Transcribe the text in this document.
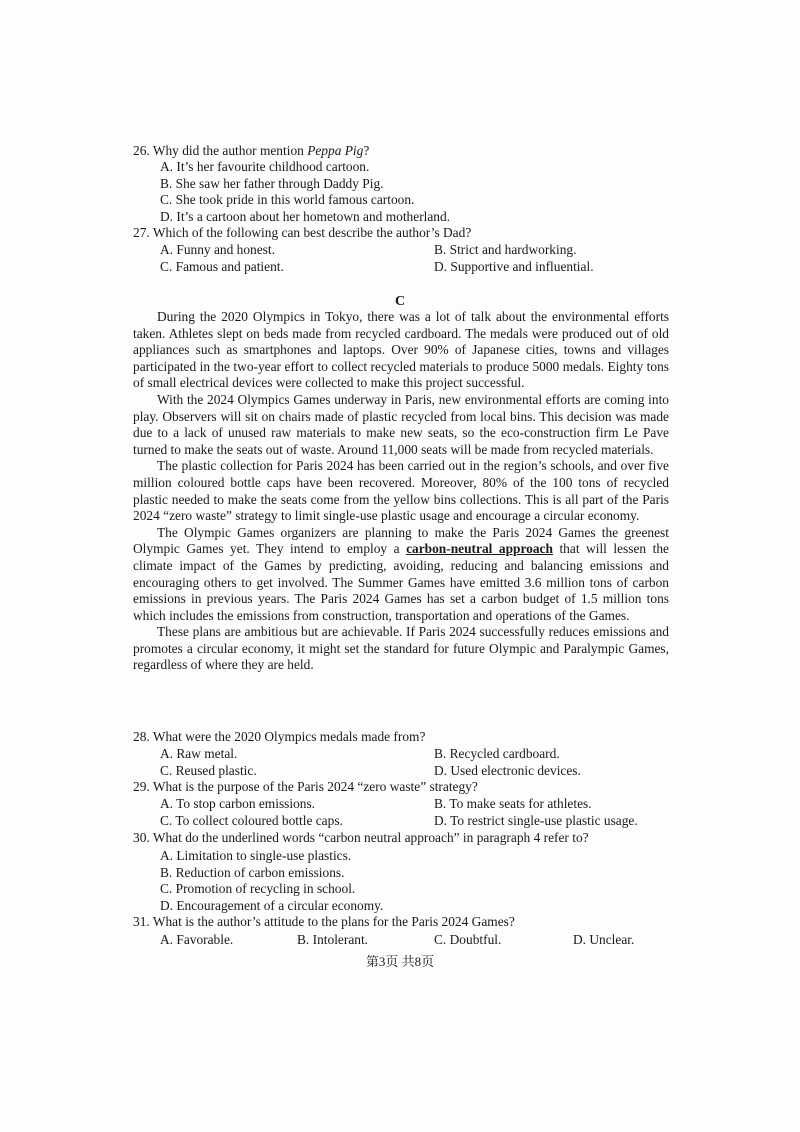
26. Why did the author mention Peppa Pig?
A. It’s her favourite childhood cartoon.
B. She saw her father through Daddy Pig.
C. She took pride in this world famous cartoon.
D. It’s a cartoon about her hometown and motherland.
27. Which of the following can best describe the author’s Dad?
A. Funny and honest.	B. Strict and hardworking.
C. Famous and patient.	D. Supportive and influential.
C

During the 2020 Olympics in Tokyo, there was a lot of talk about the environmental efforts taken. Athletes slept on beds made from recycled cardboard. The medals were produced out of old appliances such as smartphones and laptops. Over 90% of Japanese cities, towns and villages participated in the two-year effort to collect recycled materials to produce 5000 medals. Eighty tons of small electrical devices were collected to make this project successful.

With the 2024 Olympics Games underway in Paris, new environmental efforts are coming into play. Observers will sit on chairs made of plastic recycled from local bins. This decision was made due to a lack of unused raw materials to make new seats, so the eco-construction firm Le Pave turned to make the seats out of waste. Around 11,000 seats will be made from recycled materials.

The plastic collection for Paris 2024 has been carried out in the region’s schools, and over five million coloured bottle caps have been recovered. Moreover, 80% of the 100 tons of recycled plastic needed to make the seats come from the yellow bins collections. This is all part of the Paris 2024 “zero waste” strategy to limit single-use plastic usage and encourage a circular economy.

The Olympic Games organizers are planning to make the Paris 2024 Games the greenest Olympic Games yet. They intend to employ a carbon-neutral approach that will lessen the climate impact of the Games by predicting, avoiding, reducing and balancing emissions and encouraging others to get involved. The Summer Games have emitted 3.6 million tons of carbon emissions in previous years. The Paris 2024 Games has set a carbon budget of 1.5 million tons which includes the emissions from construction, transportation and operations of the Games.

These plans are ambitious but are achievable. If Paris 2024 successfully reduces emissions and promotes a circular economy, it might set the standard for future Olympic and Paralympic Games, regardless of where they are held.

28. What were the 2020 Olympics medals made from?
A. Raw metal.	B. Recycled cardboard.
C. Reused plastic.	D. Used electronic devices.
29. What is the purpose of the Paris 2024 “zero waste” strategy?
A. To stop carbon emissions.	B. To make seats for athletes.
C. To collect coloured bottle caps.	D. To restrict single-use plastic usage.
30. What do the underlined words “carbon neutral approach” in paragraph 4 refer to?
A. Limitation to single-use plastics.
B. Reduction of carbon emissions.
C. Promotion of recycling in school.
D. Encouragement of a circular economy.
31. What is the author’s attitude to the plans for the Paris 2024 Games?
A. Favorable.	B. Intolerant.	C. Doubtful.	D. Unclear.
第3页 共8页
